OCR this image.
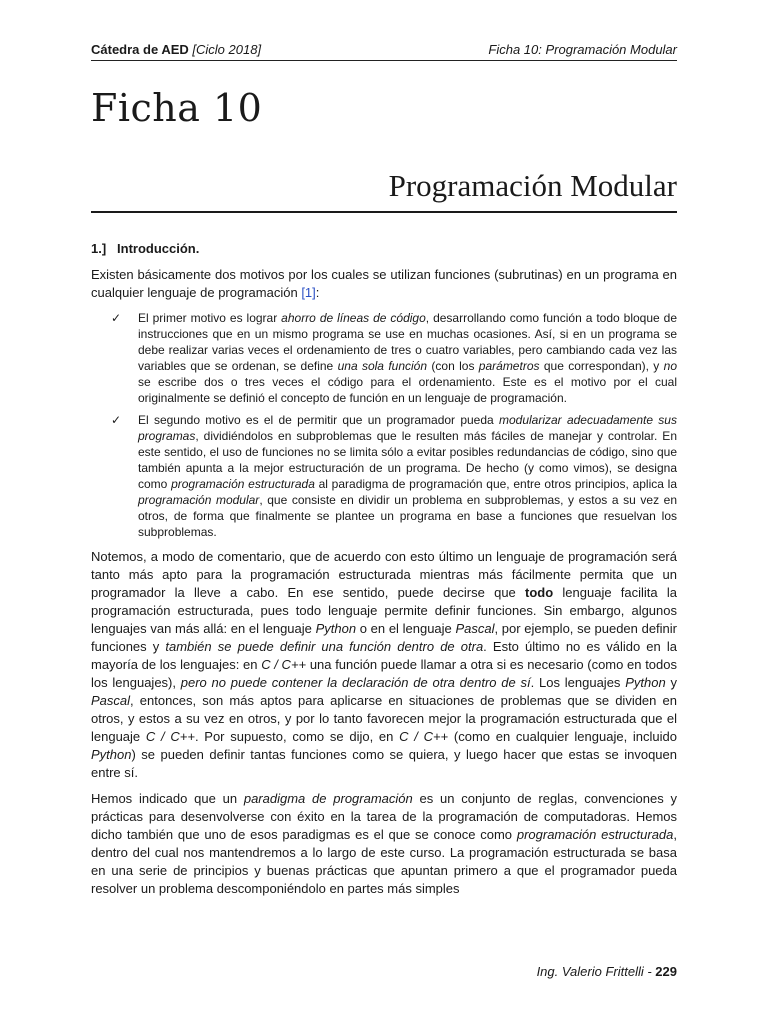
Cátedra de AED [Ciclo 2018]	Ficha 10: Programación Modular
Ficha 10
Programación Modular
1.] Introducción.

Existen básicamente dos motivos por los cuales se utilizan funciones (subrutinas) en un programa en cualquier lenguaje de programación [1]:

✓ El primer motivo es lograr ahorro de líneas de código, desarrollando como función a todo bloque de instrucciones que en un mismo programa se use en muchas ocasiones. Así, si en un programa se debe realizar varias veces el ordenamiento de tres o cuatro variables, pero cambiando cada vez las variables que se ordenan, se define una sola función (con los parámetros que correspondan), y no se escribe dos o tres veces el código para el ordenamiento. Este es el motivo por el cual originalmente se definió el concepto de función en un lenguaje de programación.
✓ El segundo motivo es el de permitir que un programador pueda modularizar adecuadamente sus programas, dividiéndolos en subproblemas que le resulten más fáciles de manejar y controlar. En este sentido, el uso de funciones no se limita sólo a evitar posibles redundancias de código, sino que también apunta a la mejor estructuración de un programa. De hecho (y como vimos), se designa como programación estructurada al paradigma de programación que, entre otros principios, aplica la programación modular, que consiste en dividir un problema en subproblemas, y estos a su vez en otros, de forma que finalmente se plantee un programa en base a funciones que resuelvan los subproblemas.

Notemos, a modo de comentario, que de acuerdo con esto último un lenguaje de programación será tanto más apto para la programación estructurada mientras más fácilmente permita que un programador la lleve a cabo. En ese sentido, puede decirse que todo lenguaje facilita la programación estructurada, pues todo lenguaje permite definir funciones. Sin embargo, algunos lenguajes van más allá: en el lenguaje Python o en el lenguaje Pascal, por ejemplo, se pueden definir funciones y también se puede definir una función dentro de otra. Esto último no es válido en la mayoría de los lenguajes: en C / C++ una función puede llamar a otra si es necesario (como en todos los lenguajes), pero no puede contener la declaración de otra dentro de sí. Los lenguajes Python y Pascal, entonces, son más aptos para aplicarse en situaciones de problemas que se dividen en otros, y estos a su vez en otros, y por lo tanto favorecen mejor la programación estructurada que el lenguaje C / C++. Por supuesto, como se dijo, en C / C++ (como en cualquier lenguaje, incluido Python) se pueden definir tantas funciones como se quiera, y luego hacer que estas se invoquen entre sí.

Hemos indicado que un paradigma de programación es un conjunto de reglas, convenciones y prácticas para desenvolverse con éxito en la tarea de la programación de computadoras. Hemos dicho también que uno de esos paradigmas es el que se conoce como programación estructurada, dentro del cual nos mantendremos a lo largo de este curso. La programación estructurada se basa en una serie de principios y buenas prácticas que apuntan primero a que el programador pueda resolver un problema descomponiéndolo en partes más simples

Ing. Valerio Frittelli - 229
